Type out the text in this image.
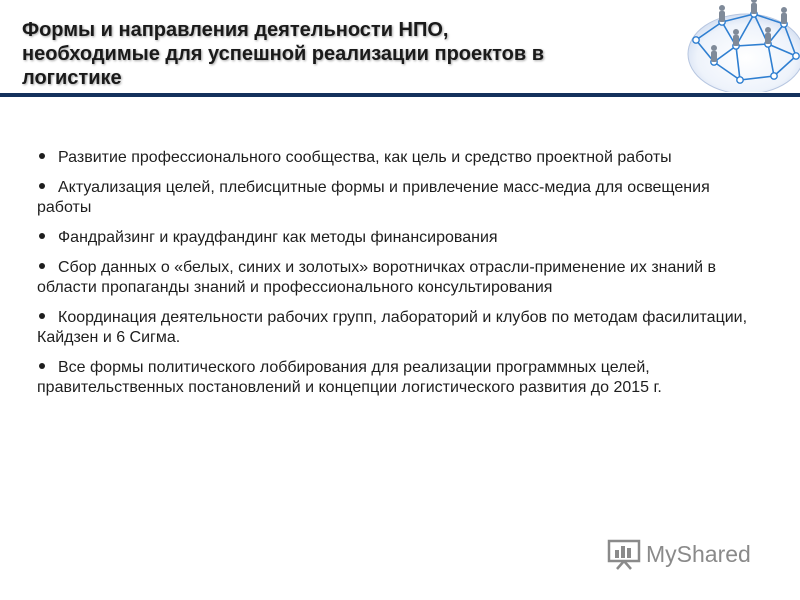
Формы и направления деятельности НПО,
необходимые для успешной реализации проектов в
логистике
Развитие профессионального сообщества, как цель и средство проектной работы
Актуализация целей, плебисцитные формы и привлечение масс-медиа для освещения работы
Фандрайзинг и краудфандинг как методы финансирования
Сбор данных о «белых, синих и золотых» воротничках отрасли-применение их знаний в области пропаганды знаний и профессионального консультирования
Координация деятельности рабочих групп, лабораторий и клубов по методам фасилитации, Кайдзен и 6 Сигма.
Все формы политического лоббирования для реализации программных целей, правительственных постановлений и концепции логистического развития до 2015 г.
MyShared
